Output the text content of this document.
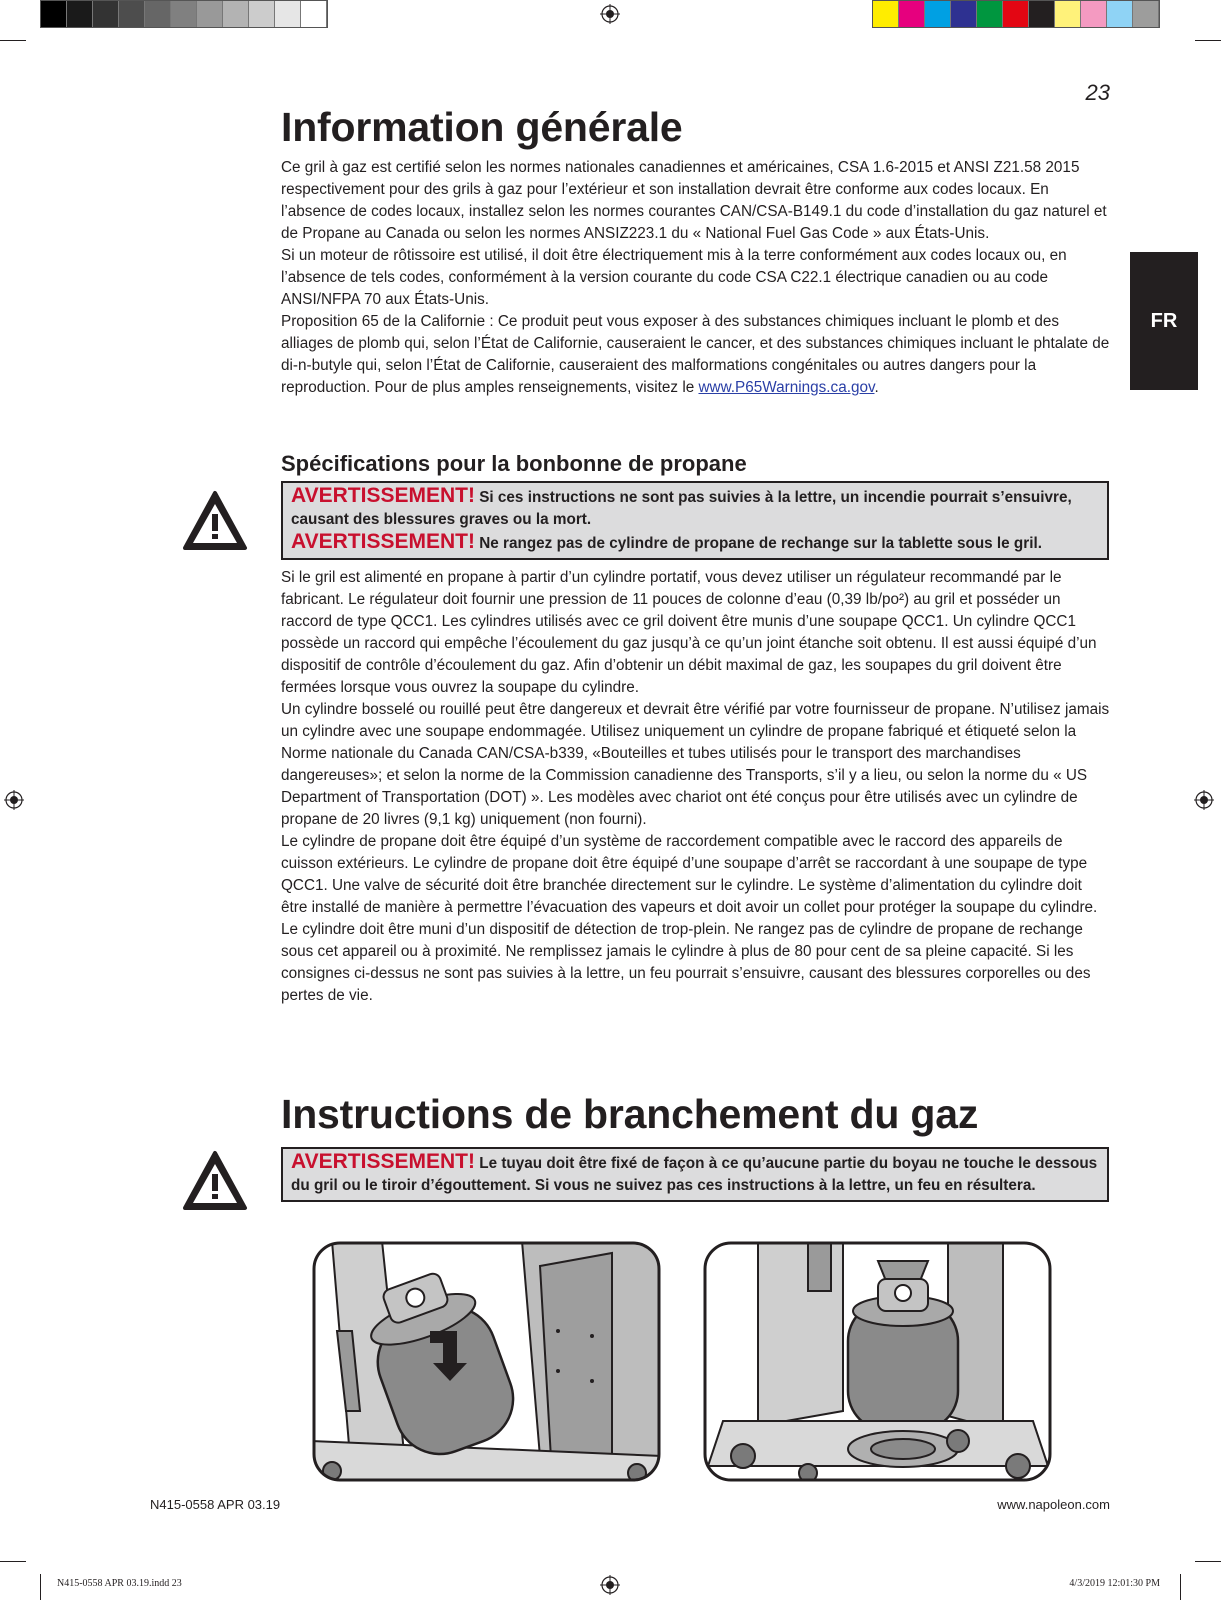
23
FR
Information générale

Ce gril à gaz est certifié selon les normes nationales canadiennes et américaines, CSA 1.6-2015 et ANSI Z21.58 2015 respectivement pour des grils à gaz pour l’extérieur et son installation devrait être conforme aux codes locaux. En l’absence de codes locaux, installez selon les normes courantes CAN/CSA-B149.1 du code d’installation du gaz naturel et de Propane au Canada ou selon les normes ANSIZ223.1 du « National Fuel Gas Code » aux États-Unis.

Si un moteur de rôtissoire est utilisé, il doit être électriquement mis à la terre conformément aux codes locaux ou, en l’absence de tels codes, conformément à la version courante du code CSA C22.1 électrique canadien ou au code ANSI/NFPA 70 aux États-Unis.

Proposition 65 de la Californie : Ce produit peut vous exposer à des substances chimiques incluant le plomb et des alliages de plomb qui, selon l’État de Californie, causeraient le cancer, et des substances chimiques incluant le phtalate de di-n-butyle qui, selon l’État de Californie, causeraient des malformations congénitales ou autres dangers pour la reproduction. Pour de plus amples renseignements, visitez le www.P65Warnings.ca.gov.

Spécifications pour la bonbonne de propane
AVERTISSEMENT! Si ces instructions ne sont pas suivies à la lettre, un incendie pourrait s’ensuivre, causant des blessures graves ou la mort.
AVERTISSEMENT! Ne rangez pas de cylindre de propane de rechange sur la tablette sous le gril.

Si le gril est alimenté en propane à partir d’un cylindre portatif, vous devez utiliser un régulateur recommandé par le fabricant. Le régulateur doit fournir une pression de 11 pouces de colonne d’eau (0,39 lb/po²) au gril et posséder un raccord de type QCC1. Les cylindres utilisés avec ce gril doivent être munis d’une soupape QCC1. Un cylindre QCC1 possède un raccord qui empêche l’écoulement du gaz jusqu’à ce qu’un joint étanche soit obtenu. Il est aussi équipé d’un dispositif de contrôle d’écoulement du gaz. Afin d’obtenir un débit maximal de gaz, les soupapes du gril doivent être fermées lorsque vous ouvrez la soupape du cylindre.

Un cylindre bosselé ou rouillé peut être dangereux et devrait être vérifié par votre fournisseur de propane. N’utilisez jamais un cylindre avec une soupape endommagée. Utilisez uniquement un cylindre de propane fabriqué et étiqueté selon la Norme nationale du Canada CAN/CSA-b339, «Bouteilles et tubes utilisés pour le transport des marchandises dangereuses»; et selon la norme de la Commission canadienne des Transports, s’il y a lieu, ou selon la norme du « US Department of Transportation (DOT) ». Les modèles avec chariot ont été conçus pour être utilisés avec un cylindre de propane de 20 livres (9,1 kg) uniquement (non fourni).

Le cylindre de propane doit être équipé d’un système de raccordement compatible avec le raccord des appareils de cuisson extérieurs. Le cylindre de propane doit être équipé d’une soupape d’arrêt se raccordant à une soupape de type QCC1. Une valve de sécurité doit être branchée directement sur le cylindre. Le système d’alimentation du cylindre doit être installé de manière à permettre l’évacuation des vapeurs et doit avoir un collet pour protéger la soupape du cylindre. Le cylindre doit être muni d’un dispositif de détection de trop-plein. Ne rangez pas de cylindre de propane de rechange sous cet appareil ou à proximité. Ne remplissez jamais le cylindre à plus de 80 pour cent de sa pleine capacité. Si les consignes ci-dessus ne sont pas suivies à la lettre, un feu pourrait s’ensuivre, causant des blessures corporelles ou des pertes de vie.

Instructions de branchement du gaz
AVERTISSEMENT! Le tuyau doit être fixé de façon à ce qu’aucune partie du boyau ne touche le dessous du gril ou le tiroir d’égouttement. Si vous ne suivez pas ces instructions à la lettre, un feu en résultera.
N415-0558 APR 03.19	www.napoleon.com
N415-0558 APR 03.19.indd 23	4/3/2019 12:01:30 PM
